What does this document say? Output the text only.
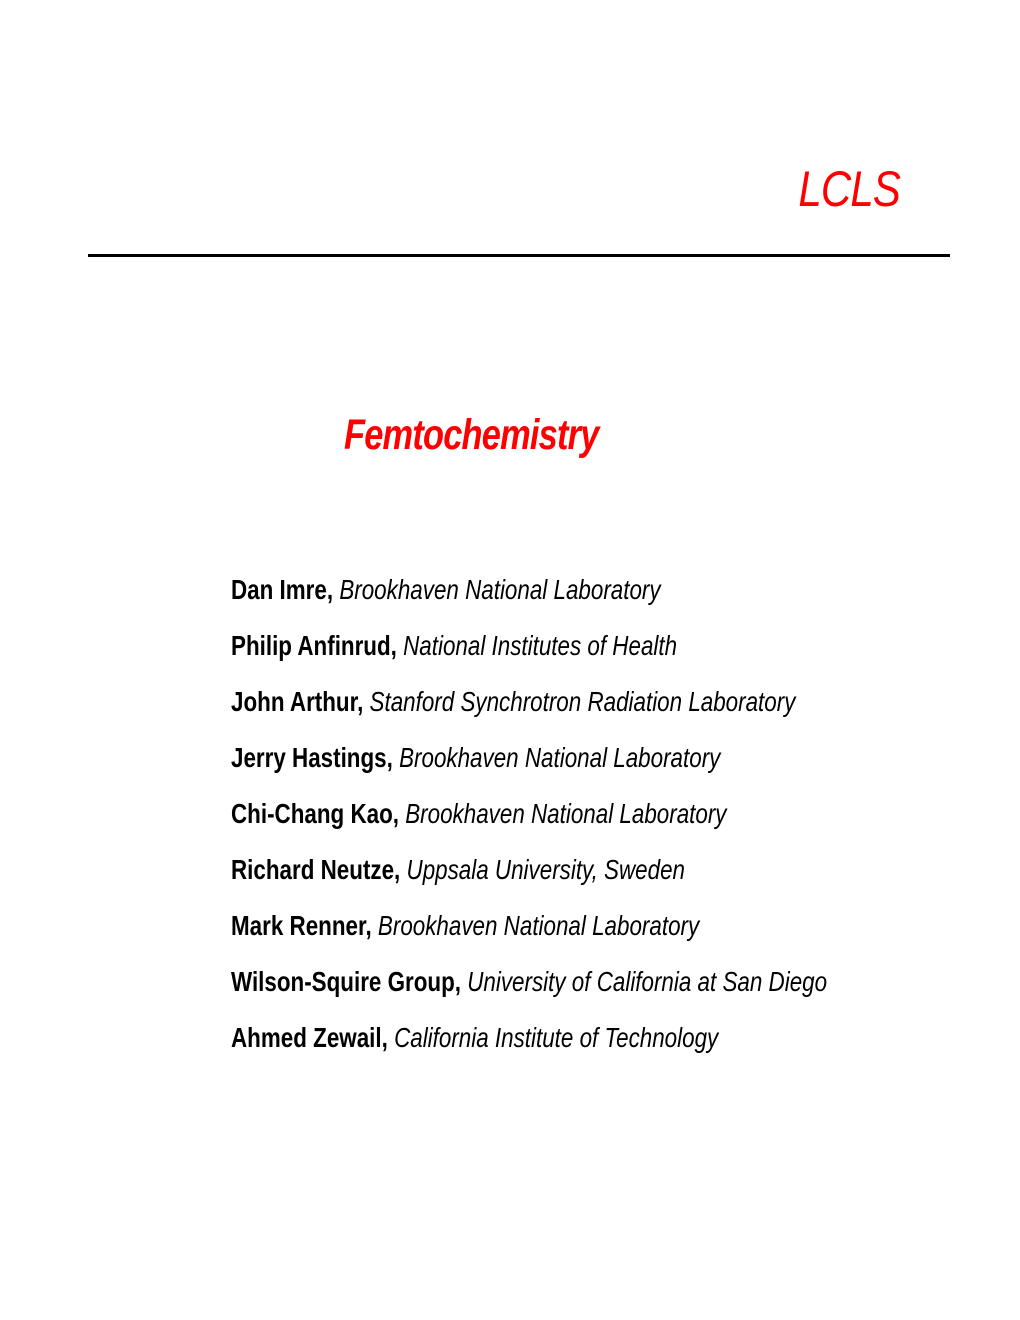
LCLS
Femtochemistry
Dan Imre, Brookhaven National Laboratory
Philip Anfinrud, National Institutes of Health
John Arthur, Stanford Synchrotron Radiation Laboratory
Jerry Hastings, Brookhaven National Laboratory
Chi-Chang Kao, Brookhaven National Laboratory
Richard Neutze, Uppsala University, Sweden
Mark Renner, Brookhaven National Laboratory
Wilson-Squire Group, University of California at San Diego
Ahmed Zewail, California Institute of Technology
